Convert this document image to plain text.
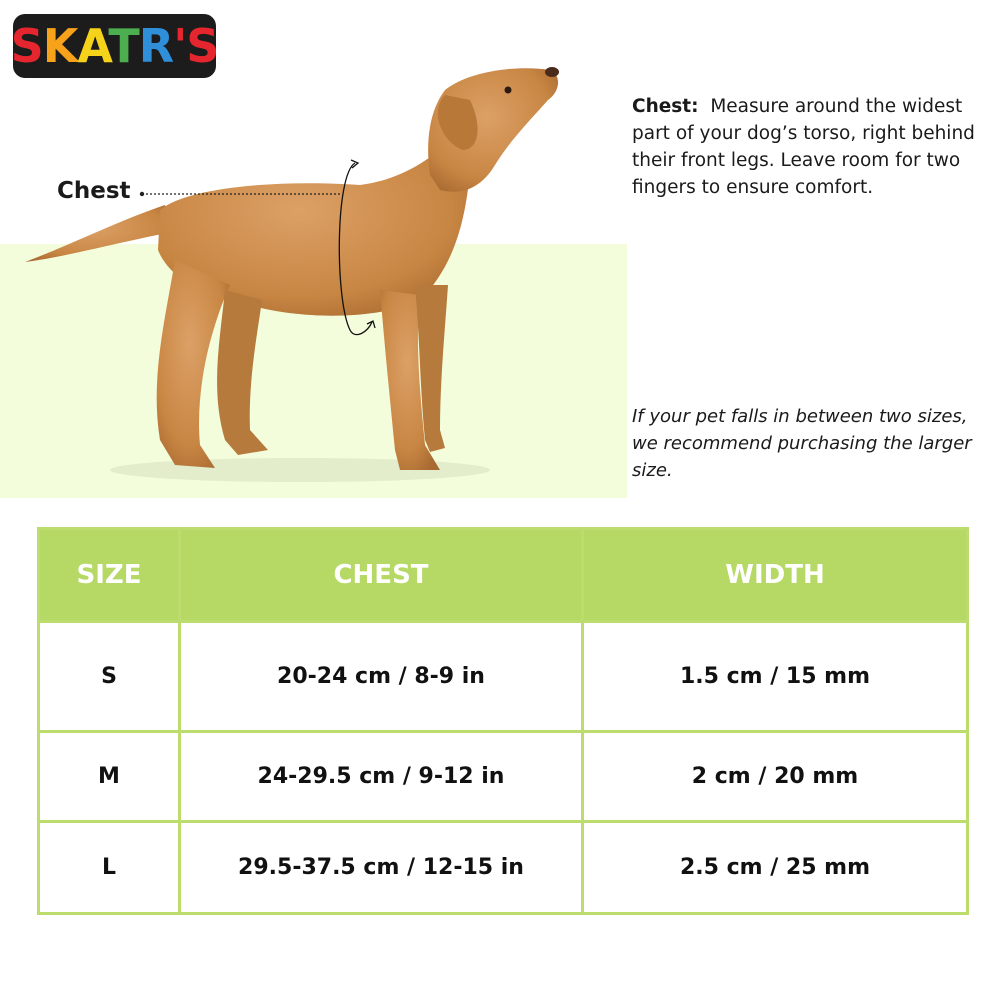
SKATR'S
Chest
Chest: Measure around the widest part of your dog’s torso, right behind their front legs. Leave room for two fingers to ensure comfort.
If your pet falls in between two sizes, we recommend purchasing the larger size.
SIZE	CHEST	WIDTH
S	20-24 cm / 8-9 in	1.5 cm / 15 mm
M	24-29.5 cm / 9-12 in	2 cm / 20 mm
L	29.5-37.5 cm / 12-15 in	2.5 cm / 25 mm
